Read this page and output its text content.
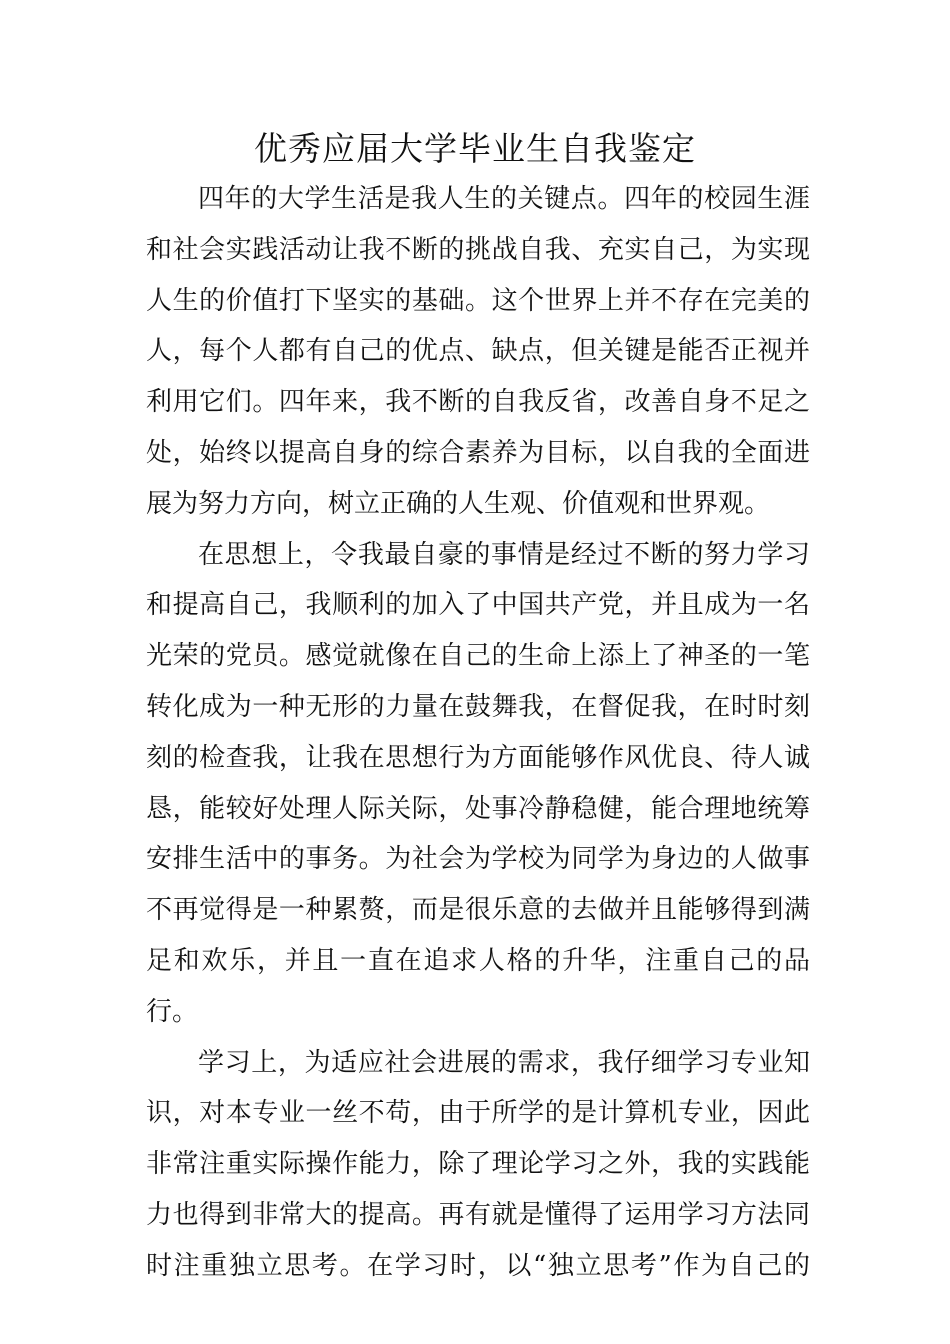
优秀应届大学毕业生自我鉴定

四年的大学生活是我人生的关键点。四年的校园生涯和社会实践活动让我不断的挑战自我、充实自己，为实现人生的价值打下坚实的基础。这个世界上并不存在完美的人，每个人都有自己的优点、缺点，但关键是能否正视并利用它们。四年来，我不断的自我反省，改善自身不足之处，始终以提高自身的综合素养为目标，以自我的全面进展为努力方向，树立正确的人生观、价值观和世界观。

在思想上，令我最自豪的事情是经过不断的努力学习和提高自己，我顺利的加入了中国共产党，并且成为一名光荣的党员。感觉就像在自己的生命上添上了神圣的一笔转化成为一种无形的力量在鼓舞我，在督促我，在时时刻刻的检查我，让我在思想行为方面能够作风优良、待人诚恳，能较好处理人际关际，处事冷静稳健，能合理地统筹安排生活中的事务。为社会为学校为同学为身边的人做事不再觉得是一种累赘，而是很乐意的去做并且能够得到满足和欢乐，并且一直在追求人格的升华，注重自己的品行。

学习上，为适应社会进展的需求，我仔细学习专业知识，对本专业一丝不苟，由于所学的是计算机专业，因此非常注重实际操作能力，除了理论学习之外，我的实践能力也得到非常大的提高。再有就是懂得了运用学习方法同时注重独立思考。在学习时，以“独立思考”作为自己的
